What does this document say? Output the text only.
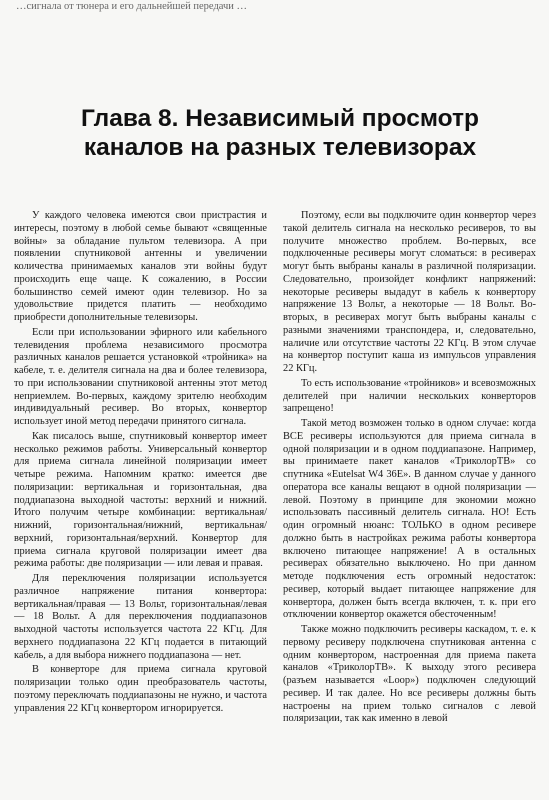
…сигнала от тюнера и его дальнейшей передачи …
Глава 8. Независимый просмотр
каналов на разных телевизорах

У каждого человека имеются свои пристрастия и интересы, поэтому в любой семье бывают «священные войны» за обладание пультом телевизора. А при появлении спутниковой антенны и увеличении количества принимаемых каналов эти войны будут происходить еще чаще. К сожалению, в России большинство семей имеют один телевизор. Но за удовольствие придется платить — необходимо приобрести дополнительные телевизоры.

Если при использовании эфирного или кабельного телевидения проблема независимого просмотра различных каналов решается установкой «тройника» на кабеле, т. е. делителя сигнала на два и более телевизора, то при использовании спутниковой антенны этот метод неприемлем. Во-первых, каждому зрителю необходим индивидуальный ресивер. Во вторых, конвертор использует иной метод передачи принятого сигнала.

Как писалось выше, спутниковый конвертор имеет несколько режимов работы. Универсальный конвертор для приема сигнала линейной поляризации имеет четыре режима. Напомним кратко: имеется две поляризации: вертикальная и горизонтальная, два поддиапазона выходной частоты: верхний и нижний. Итого получим четыре комбинации: вертикальная/нижний, горизонтальная/нижний, вертикальная/верхний, горизонтальная/верхний. Конвертор для приема сигнала круговой поляризации имеет два режима работы: две поляризации — или левая и правая.

Для переключения поляризации используется различное напряжение питания конвертора: вертикальная/правая — 13 Вольт, горизонтальная/левая — 18 Вольт. А для переключения поддиапазонов выходной частоты используется частота 22 КГц. Для верхнего поддиапазона 22 КГц подается в питающий кабель, а для выбора нижнего поддиапазона — нет.

В конверторе для приема сигнала круговой поляризации только один преобразователь частоты, поэтому переключать поддиапазоны не нужно, и частота управления 22 КГц конвертором игнорируется.

Поэтому, если вы подключите один конвертор через такой делитель сигнала на несколько ресиверов, то вы получите множество проблем. Во-первых, все подключенные ресиверы могут сломаться: в ресиверах могут быть выбраны каналы в различной поляризации. Следовательно, произойдет конфликт напряжений: некоторые ресиверы выдадут в кабель к конвертору напряжение 13 Вольт, а некоторые — 18 Вольт. Во-вторых, в ресиверах могут быть выбраны каналы с разными значениями транспондера, и, следовательно, наличие или отсутствие частоты 22 КГц. В этом случае на конвертор поступит каша из импульсов управления 22 КГц.

То есть использование «тройников» и всевозможных делителей при наличии нескольких конверторов запрещено!

Такой метод возможен только в одном случае: когда ВСЕ ресиверы используются для приема сигнала в одной поляризации и в одном поддиапазоне. Например, вы принимаете пакет каналов «ТриколорТВ» со спутника «Eutelsat W4 36E». В данном случае у данного оператора все каналы вещают в одной поляризации — левой. Поэтому в принципе для экономии можно использовать пассивный делитель сигнала. НО! Есть один огромный нюанс: ТОЛЬКО в одном ресивере должно быть в настройках режима работы конвертора включено питающее напряжение! А в остальных ресиверах обязательно выключено. Но при данном методе подключения есть огромный недостаток: ресивер, который выдает питающее напряжение для конвертора, должен быть всегда включен, т. к. при его отключении конвертор окажется обесточенным!

Также можно подключить ресиверы каскадом, т. е. к первому ресиверу подключена спутниковая антенна с одним конвертором, настроенная для приема пакета каналов «ТриколорТВ». К выходу этого ресивера (разъем называется «Loop») подключен следующий ресивер. И так далее. Но все ресиверы должны быть настроены на прием только сигналов с левой поляризации, так как именно в левой
